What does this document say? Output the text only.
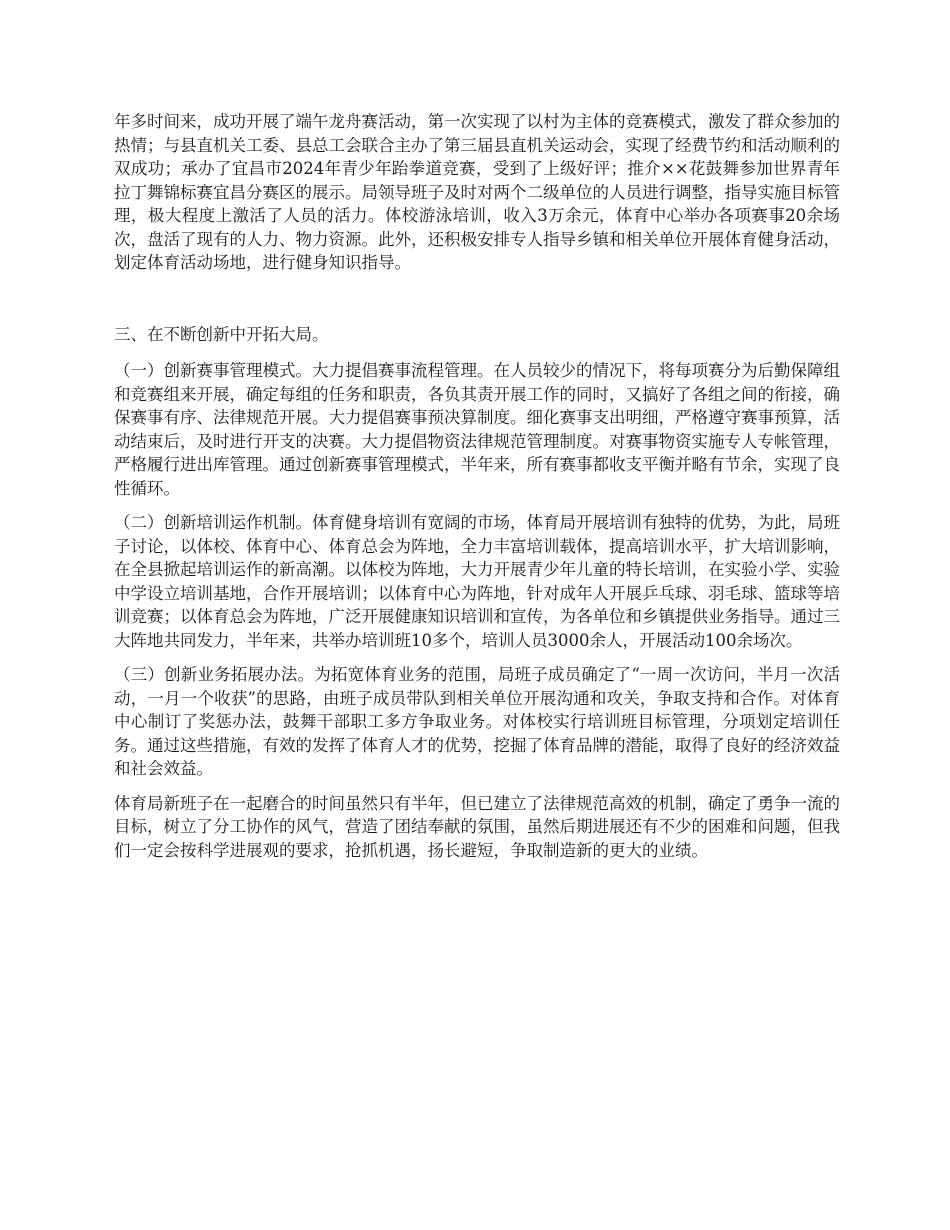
年多时间来，成功开展了端午龙舟赛活动，第一次实现了以村为主体的竞赛模式，激发了群众参加的热情；与县直机关工委、县总工会联合主办了第三届县直机关运动会，实现了经费节约和活动顺利的双成功；承办了宜昌市2024年青少年跆拳道竞赛，受到了上级好评；推介××花鼓舞参加世界青年拉丁舞锦标赛宜昌分赛区的展示。局领导班子及时对两个二级单位的人员进行调整，指导实施目标管理，极大程度上激活了人员的活力。体校游泳培训，收入3万余元，体育中心举办各项赛事20余场次，盘活了现有的人力、物力资源。此外，还积极安排专人指导乡镇和相关单位开展体育健身活动，划定体育活动场地，进行健身知识指导。

三、在不断创新中开拓大局。

（一）创新赛事管理模式。大力提倡赛事流程管理。在人员较少的情况下，将每项赛分为后勤保障组和竞赛组来开展，确定每组的任务和职责，各负其责开展工作的同时，又搞好了各组之间的衔接，确保赛事有序、法律规范开展。大力提倡赛事预决算制度。细化赛事支出明细，严格遵守赛事预算，活动结束后，及时进行开支的决赛。大力提倡物资法律规范管理制度。对赛事物资实施专人专帐管理，严格履行进出库管理。通过创新赛事管理模式，半年来，所有赛事都收支平衡并略有节余，实现了良性循环。

（二）创新培训运作机制。体育健身培训有宽阔的市场，体育局开展培训有独特的优势，为此，局班子讨论，以体校、体育中心、体育总会为阵地，全力丰富培训载体，提高培训水平，扩大培训影响，在全县掀起培训运作的新高潮。以体校为阵地，大力开展青少年儿童的特长培训，在实验小学、实验中学设立培训基地，合作开展培训；以体育中心为阵地，针对成年人开展乒乓球、羽毛球、篮球等培训竞赛；以体育总会为阵地，广泛开展健康知识培训和宣传，为各单位和乡镇提供业务指导。通过三大阵地共同发力，半年来，共举办培训班10多个，培训人员3000余人，开展活动100余场次。

（三）创新业务拓展办法。为拓宽体育业务的范围，局班子成员确定了“一周一次访问，半月一次活动，一月一个收获”的思路，由班子成员带队到相关单位开展沟通和攻关，争取支持和合作。对体育中心制订了奖惩办法，鼓舞干部职工多方争取业务。对体校实行培训班目标管理，分项划定培训任务。通过这些措施，有效的发挥了体育人才的优势，挖掘了体育品牌的潜能，取得了良好的经济效益和社会效益。

体育局新班子在一起磨合的时间虽然只有半年，但已建立了法律规范高效的机制，确定了勇争一流的目标，树立了分工协作的风气，营造了团结奉献的氛围，虽然后期进展还有不少的困难和问题，但我们一定会按科学进展观的要求，抢抓机遇，扬长避短，争取制造新的更大的业绩。
